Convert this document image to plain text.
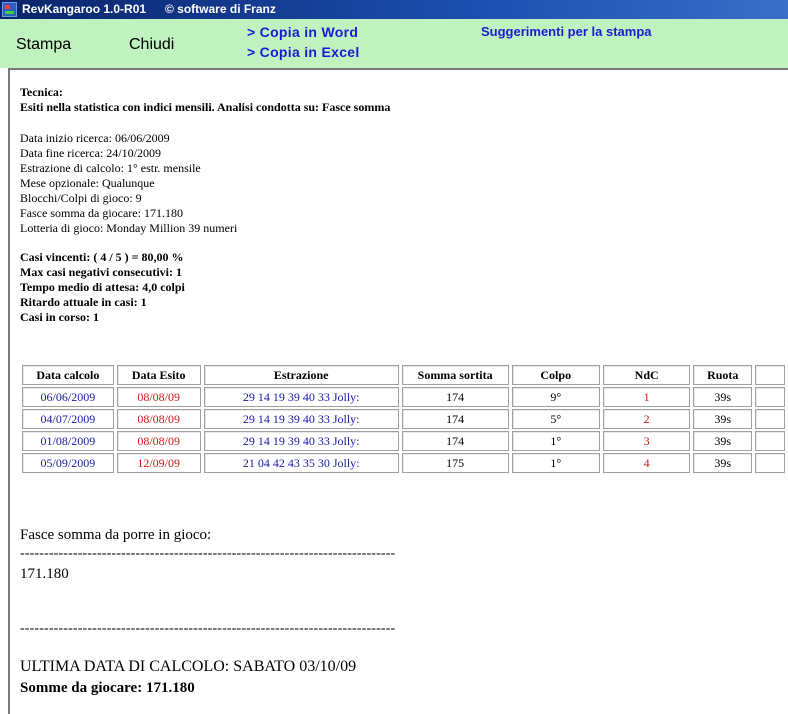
RevKangaroo 1.0-R01 © software di Franz
Stampa	Chiudi
> Copia in Word
> Copia in Excel
Suggerimenti per la stampa
Tecnica:
Esiti nella statistica con indici mensili. Analisi condotta su: Fasce somma
Data inizio ricerca: 06/06/2009
Data fine ricerca: 24/10/2009
Estrazione di calcolo: 1° estr. mensile
Mese opzionale: Qualunque
Blocchi/Colpi di gioco: 9
Fasce somma da giocare: 171.180
Lotteria di gioco: Monday Million 39 numeri
Casi vincenti: ( 4 / 5 ) = 80,00 %
Max casi negativi consecutivi: 1
Tempo medio di attesa: 4,0 colpi
Ritardo attuale in casi: 1
Casi in corso: 1
Data calcolo	Data Esito	Estrazione	Somma sortita	Colpo	NdC	Ruota	
06/06/2009	08/08/09	29 14 19 39 40 33 Jolly:	174	9°	1	39s	
04/07/2009	08/08/09	29 14 19 39 40 33 Jolly:	174	5°	2	39s	
01/08/2009	08/08/09	29 14 19 39 40 33 Jolly:	174	1°	3	39s	
05/09/2009	12/09/09	21 04 42 43 35 30 Jolly:	175	1°	4	39s	
Fasce somma da porre in gioco:
------------------------------------------------------------------------------
171.180
------------------------------------------------------------------------------
ULTIMA DATA DI CALCOLO: SABATO 03/10/09
Somme da giocare: 171.180
